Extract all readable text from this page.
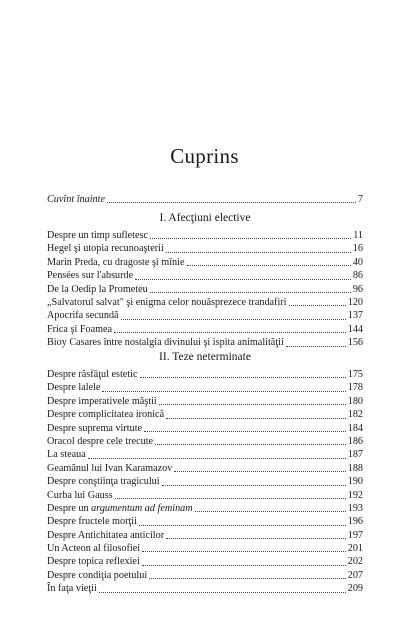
Cuprins
Cuvînt înainte	7
I. Afecţiuni elective
Despre un timp sufletesc	11
Hegel şi utopia recunoaşterii	16
Marin Preda, cu dragoste şi mînie	40
Pensées sur l'absurde	86
De la Oedip la Prometeu	96
„Salvatorul salvat" şi enigma celor nouăsprezece trandafiri	120
Apocrifa secundă	137
Frica şi Foamea	144
Bioy Casares între nostalgia divinului şi ispita animalităţii	156
II. Teze neterminate
Despre răsfăţul estetic	175
Despre lalele	178
Despre imperativele măştii	180
Despre complicitatea ironică	182
Despre suprema virtute	184
Oracol despre cele trecute	186
La steaua	187
Geamănul lui Ivan Karamazov	188
Despre conştiinţa tragicului	190
Curba lui Gauss	192
Despre un argumentum ad feminam	193
Despre fructele morţii	196
Despre Antichitatea anticilor	197
Un Acteon al filosofiei	201
Despre topica reflexiei	202
Despre condiţia poetului	207
În faţa vieţii	209
